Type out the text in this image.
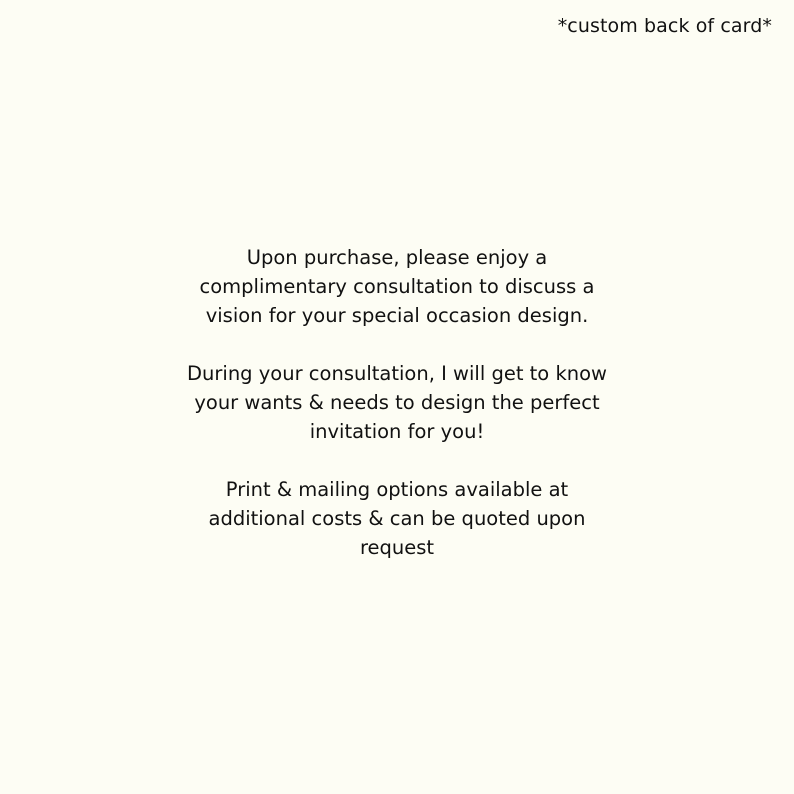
*custom back of card*

Upon purchase, please enjoy a
complimentary consultation to discuss a
vision for your special occasion design.

During your consultation, I will get to know
your wants & needs to design the perfect
invitation for you!

Print & mailing options available at
additional costs & can be quoted upon
request
